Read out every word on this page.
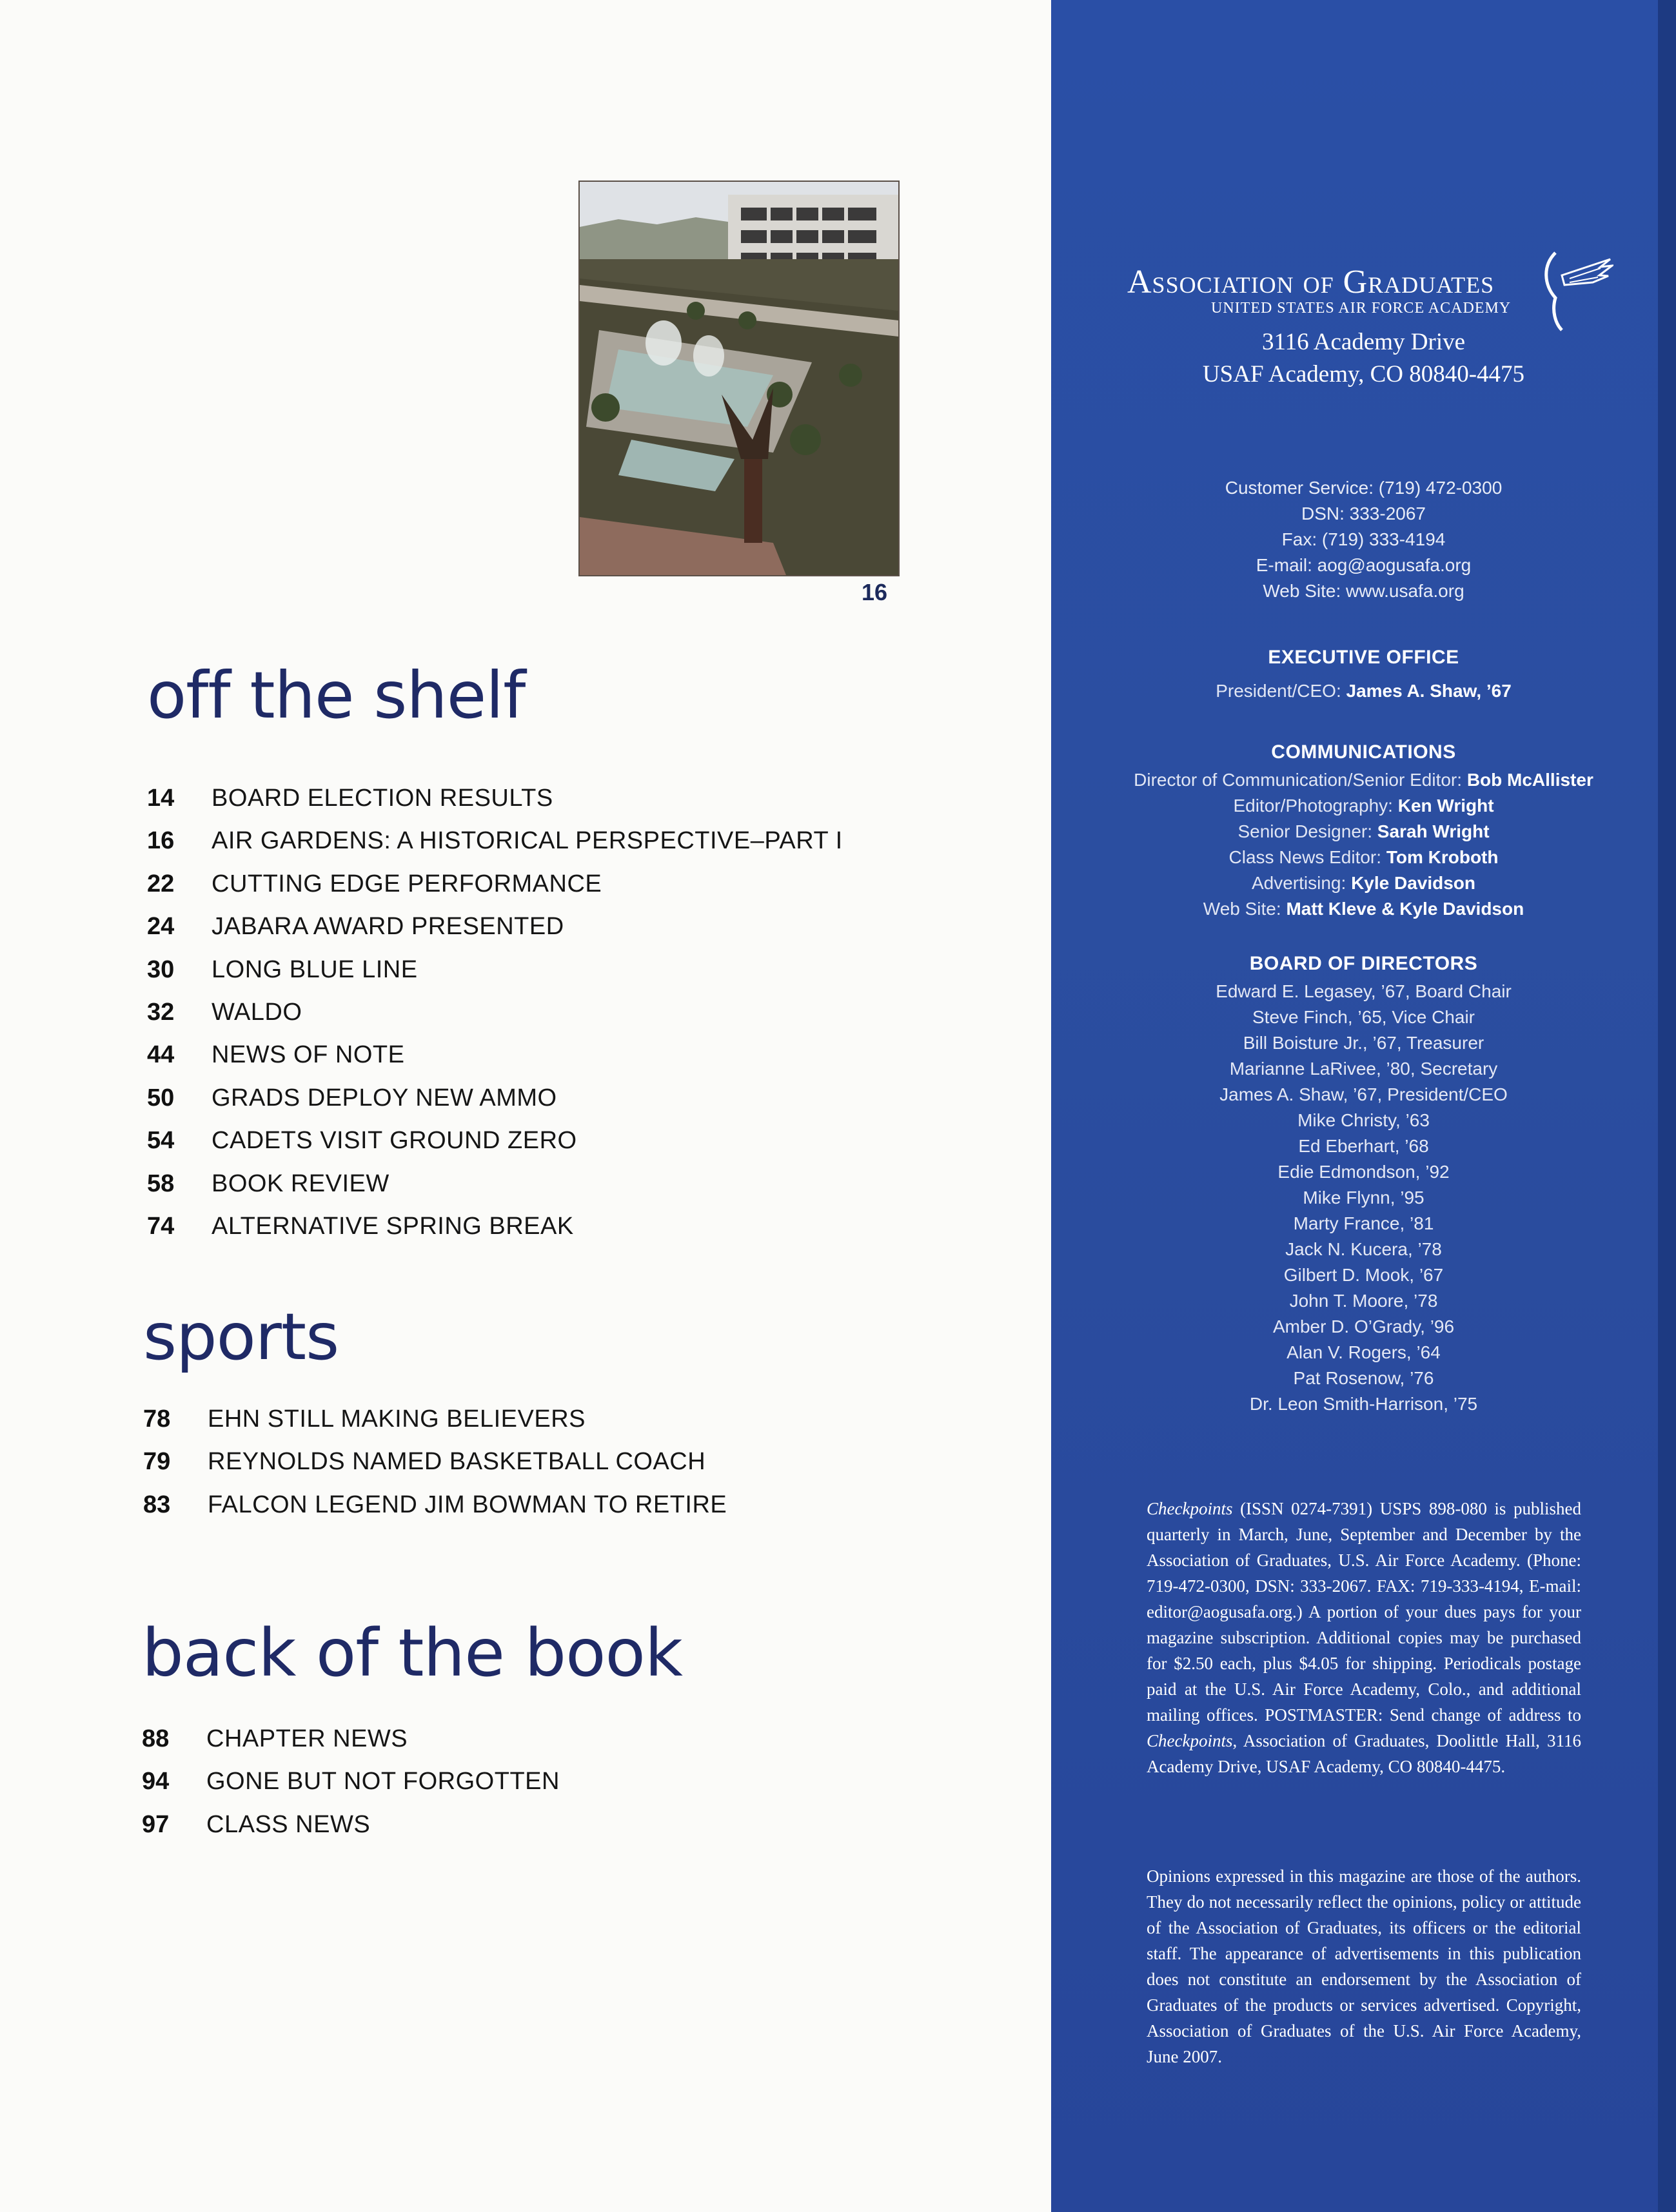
16
off the shelf
14 BOARD ELECTION RESULTS
16 AIR GARDENS: A HISTORICAL PERSPECTIVE–PART I
22 CUTTING EDGE PERFORMANCE
24 JABARA AWARD PRESENTED
30 LONG BLUE LINE
32 WALDO
44 NEWS OF NOTE
50 GRADS DEPLOY NEW AMMO
54 CADETS VISIT GROUND ZERO
58 BOOK REVIEW
74 ALTERNATIVE SPRING BREAK
sports
78 EHN STILL MAKING BELIEVERS
79 REYNOLDS NAMED BASKETBALL COACH
83 FALCON LEGEND JIM BOWMAN TO RETIRE
back of the book
88 CHAPTER NEWS
94 GONE BUT NOT FORGOTTEN
97 CLASS NEWS
Association of Graduates
UNITED STATES AIR FORCE ACADEMY
3116 Academy Drive
USAF Academy, CO 80840-4475
Customer Service: (719) 472-0300
DSN: 333-2067
Fax: (719) 333-4194
E-mail: aog@aogusafa.org
Web Site: www.usafa.org
EXECUTIVE OFFICE
President/CEO: James A. Shaw, ’67
COMMUNICATIONS
Director of Communication/Senior Editor: Bob McAllister
Editor/Photography: Ken Wright
Senior Designer: Sarah Wright
Class News Editor: Tom Kroboth
Advertising: Kyle Davidson
Web Site: Matt Kleve & Kyle Davidson
BOARD OF DIRECTORS
Edward E. Legasey, ’67, Board Chair
Steve Finch, ’65, Vice Chair
Bill Boisture Jr., ’67, Treasurer
Marianne LaRivee, ’80, Secretary
James A. Shaw, ’67, President/CEO
Mike Christy, ’63
Ed Eberhart, ’68
Edie Edmondson, ’92
Mike Flynn, ’95
Marty France, ’81
Jack N. Kucera, ’78
Gilbert D. Mook, ’67
John T. Moore, ’78
Amber D. O’Grady, ’96
Alan V. Rogers, ’64
Pat Rosenow, ’76
Dr. Leon Smith-Harrison, ’75

Checkpoints (ISSN 0274-7391) USPS 898-080 is published quarterly in March, June, September and December by the Association of Graduates, U.S. Air Force Academy. (Phone: 719-472-0300, DSN: 333-2067. FAX: 719-333-4194, E-mail: editor@aogusafa.org.) A portion of your dues pays for your magazine subscription. Additional copies may be purchased for $2.50 each, plus $4.05 for shipping. Periodicals postage paid at the U.S. Air Force Academy, Colo., and additional mailing offices. POSTMASTER: Send change of address to Checkpoints, Association of Graduates, Doolittle Hall, 3116 Academy Drive, USAF Academy, CO 80840-4475.

Opinions expressed in this magazine are those of the authors. They do not necessarily reflect the opinions, policy or attitude of the Association of Graduates, its officers or the editorial staff. The appearance of advertisements in this publication does not constitute an endorsement by the Association of Graduates of the products or services advertised. Copyright, Association of Graduates of the U.S. Air Force Academy, June 2007.
